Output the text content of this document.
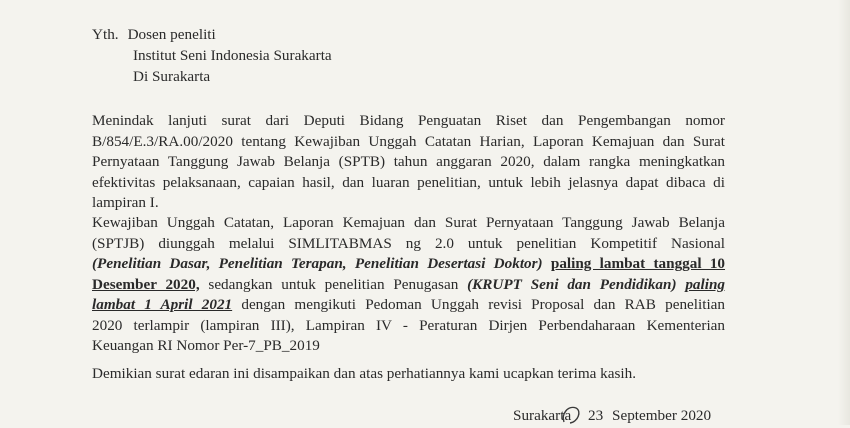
Yth. Dosen peneliti
Institut Seni Indonesia Surakarta
Di Surakarta
Menindak lanjuti surat dari Deputi Bidang Penguatan Riset dan Pengembangan nomor
B/854/E.3/RA.00/2020 tentang Kewajiban Unggah Catatan Harian, Laporan Kemajuan dan Surat
Pernyataan Tanggung Jawab Belanja (SPTB) tahun anggaran 2020, dalam rangka meningkatkan
efektivitas pelaksanaan, capaian hasil, dan luaran penelitian, untuk lebih jelasnya dapat dibaca di
lampiran I.
Kewajiban Unggah Catatan, Laporan Kemajuan dan Surat Pernyataan Tanggung Jawab Belanja
(SPTJB) diunggah melalui SIMLITABMAS ng 2.0 untuk penelitian Kompetitif Nasional
(Penelitian Dasar, Penelitian Terapan, Penelitian Desertasi Doktor) paling lambat tanggal 10
Desember 2020, sedangkan untuk penelitian Penugasan (KRUPT Seni dan Pendidikan) paling
lambat 1 April 2021 dengan mengikuti Pedoman Unggah revisi Proposal dan RAB penelitian
2020 terlampir (lampiran III), Lampiran IV - Peraturan Dirjen Perbendaharaan Kementerian
Keuangan RI Nomor Per-7_PB_2019
Demikian surat edaran ini disampaikan dan atas perhatiannya kami ucapkan terima kasih.
Surakarta 23 September 2020
